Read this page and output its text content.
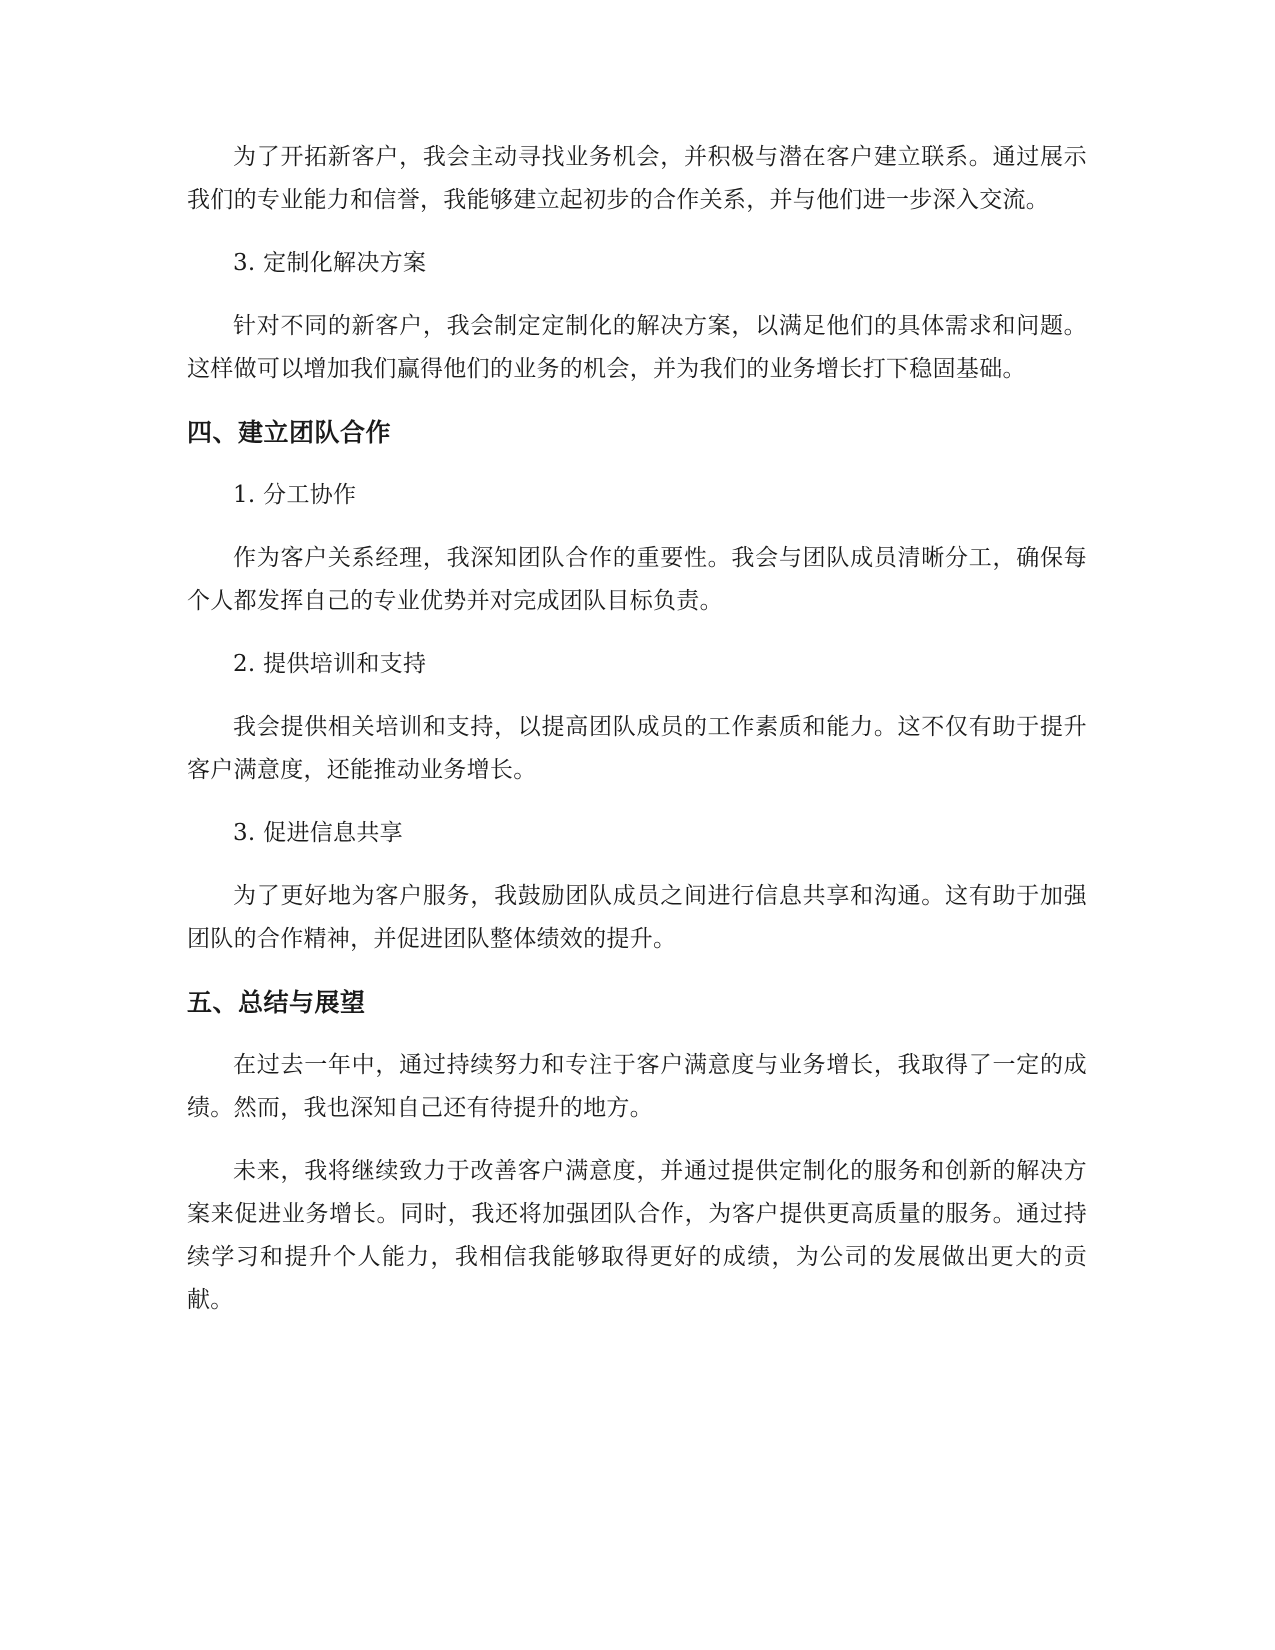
为了开拓新客户，我会主动寻找业务机会，并积极与潜在客户建立联系。通过展示我们的专业能力和信誉，我能够建立起初步的合作关系，并与他们进一步深入交流。

3. 定制化解决方案

针对不同的新客户，我会制定定制化的解决方案，以满足他们的具体需求和问题。这样做可以增加我们赢得他们的业务的机会，并为我们的业务增长打下稳固基础。

四、建立团队合作

1. 分工协作

作为客户关系经理，我深知团队合作的重要性。我会与团队成员清晰分工，确保每个人都发挥自己的专业优势并对完成团队目标负责。

2. 提供培训和支持

我会提供相关培训和支持，以提高团队成员的工作素质和能力。这不仅有助于提升客户满意度，还能推动业务增长。

3. 促进信息共享

为了更好地为客户服务，我鼓励团队成员之间进行信息共享和沟通。这有助于加强团队的合作精神，并促进团队整体绩效的提升。

五、总结与展望

在过去一年中，通过持续努力和专注于客户满意度与业务增长，我取得了一定的成绩。然而，我也深知自己还有待提升的地方。

未来，我将继续致力于改善客户满意度，并通过提供定制化的服务和创新的解决方案来促进业务增长。同时，我还将加强团队合作，为客户提供更高质量的服务。通过持续学习和提升个人能力，我相信我能够取得更好的成绩，为公司的发展做出更大的贡献。
